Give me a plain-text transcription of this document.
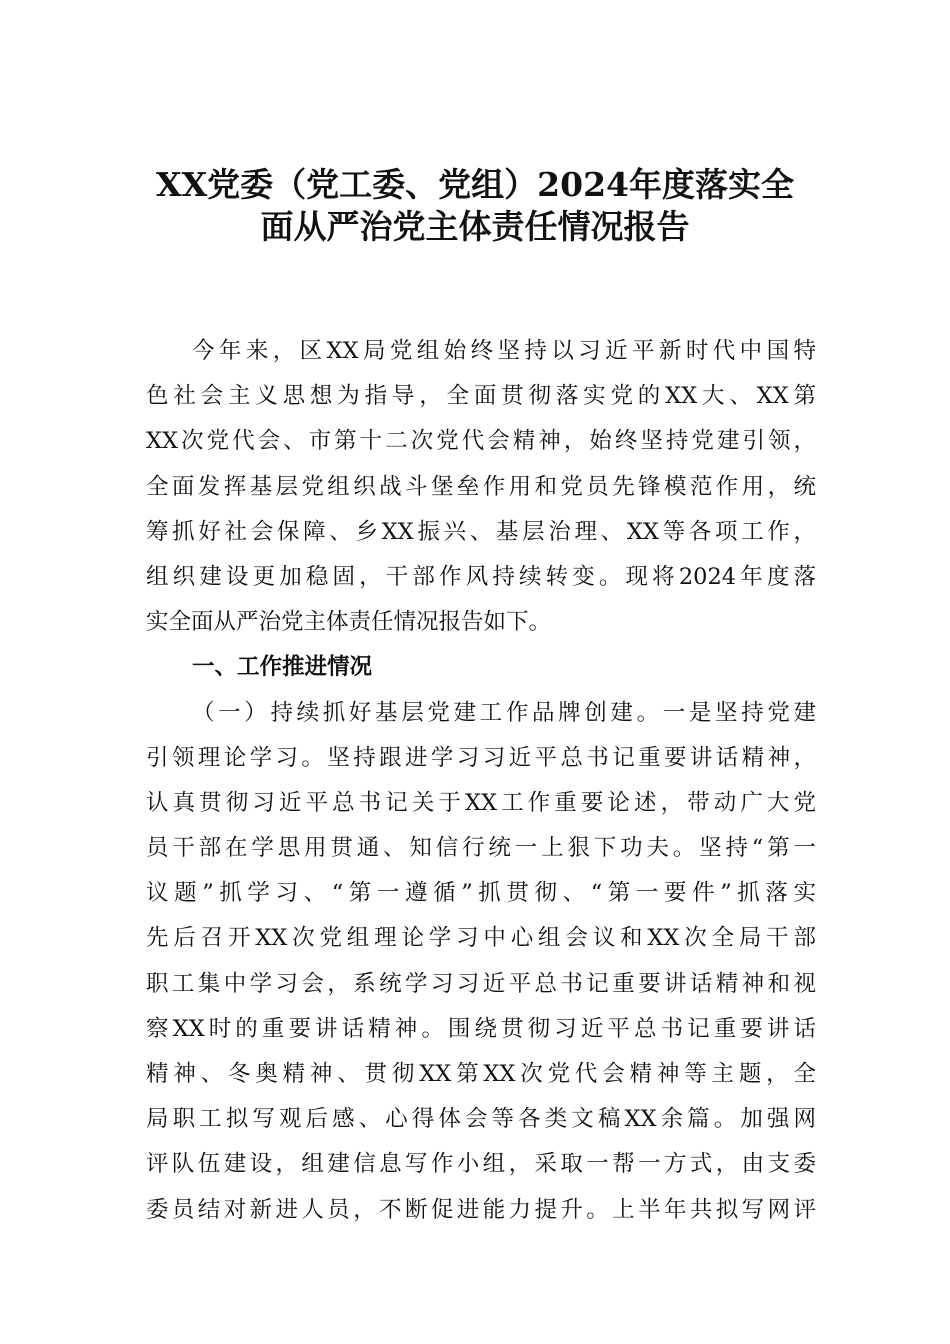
XX党委（党工委、党组）2024年度落实全
面从严治党主体责任情况报告
今年来，区XX局党组始终坚持以习近平新时代中国特
色社会主义思想为指导，全面贯彻落实党的XX大、XX第
XX次党代会、市第十二次党代会精神，始终坚持党建引领，
全面发挥基层党组织战斗堡垒作用和党员先锋模范作用，统
筹抓好社会保障、乡XX振兴、基层治理、XX等各项工作，
组织建设更加稳固，干部作风持续转变。现将2024年度落
实全面从严治党主体责任情况报告如下。
一、工作推进情况
（一）持续抓好基层党建工作品牌创建。一是坚持党建
引领理论学习。坚持跟进学习习近平总书记重要讲话精神，
认真贯彻习近平总书记关于XX工作重要论述，带动广大党
员干部在学思用贯通、知信行统一上狠下功夫。坚持“第一
议题”抓学习、“第一遵循”抓贯彻、“第一要件”抓落实
先后召开XX次党组理论学习中心组会议和XX次全局干部
职工集中学习会，系统学习习近平总书记重要讲话精神和视
察XX时的重要讲话精神。围绕贯彻习近平总书记重要讲话
精神、冬奥精神、贯彻XX第XX次党代会精神等主题，全
局职工拟写观后感、心得体会等各类文稿XX余篇。加强网
评队伍建设，组建信息写作小组，采取一帮一方式，由支委
委员结对新进人员，不断促进能力提升。上半年共拟写网评
